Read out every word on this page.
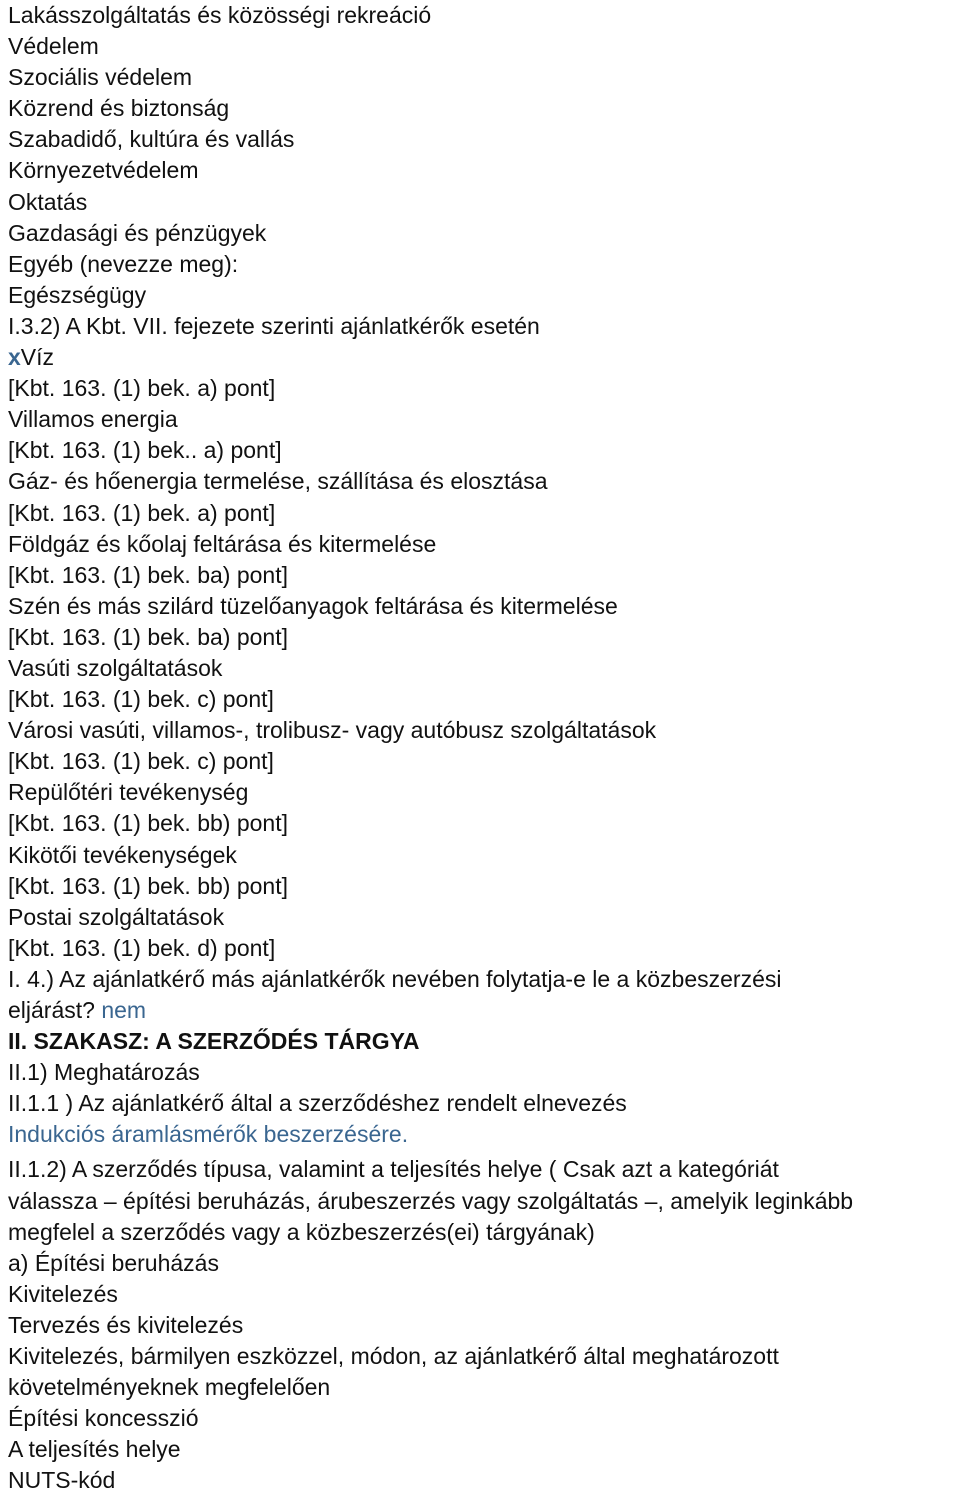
Lakásszolgáltatás és közösségi rekreáció
Védelem
Szociális védelem
Közrend és biztonság
Szabadidő, kultúra és vallás
Környezetvédelem
Oktatás
Gazdasági és pénzügyek
Egyéb (nevezze meg):
Egészségügy
I.3.2) A Kbt. VII. fejezete szerinti ajánlatkérők esetén
xVíz
[Kbt. 163. (1) bek. a) pont]
Villamos energia
[Kbt. 163. (1) bek.. a) pont]
Gáz- és hőenergia termelése, szállítása és elosztása
[Kbt. 163. (1) bek. a) pont]
Földgáz és kőolaj feltárása és kitermelése
[Kbt. 163. (1) bek. ba) pont]
Szén és más szilárd tüzelőanyagok feltárása és kitermelése
[Kbt. 163. (1) bek. ba) pont]
Vasúti szolgáltatások
[Kbt. 163. (1) bek. c) pont]
Városi vasúti, villamos-, trolibusz- vagy autóbusz szolgáltatások
[Kbt. 163. (1) bek. c) pont]
Repülőtéri tevékenység
[Kbt. 163. (1) bek. bb) pont]
Kikötői tevékenységek
[Kbt. 163. (1) bek. bb) pont]
Postai szolgáltatások
[Kbt. 163. (1) bek. d) pont]
I. 4.) Az ajánlatkérő más ajánlatkérők nevében folytatja-e le a közbeszerzési
eljárást? nem
II. SZAKASZ: A SZERZŐDÉS TÁRGYA
II.1) Meghatározás
II.1.1 ) Az ajánlatkérő által a szerződéshez rendelt elnevezés
Indukciós áramlásmérők beszerzésére.
II.1.2) A szerződés típusa, valamint a teljesítés helye ( Csak azt a kategóriát
válassza – építési beruházás, árubeszerzés vagy szolgáltatás –, amelyik leginkább
megfelel a szerződés vagy a közbeszerzés(ei) tárgyának)
a) Építési beruházás
Kivitelezés
Tervezés és kivitelezés
Kivitelezés, bármilyen eszközzel, módon, az ajánlatkérő által meghatározott
követelményeknek megfelelően
Építési koncesszió
A teljesítés helye
NUTS-kód
